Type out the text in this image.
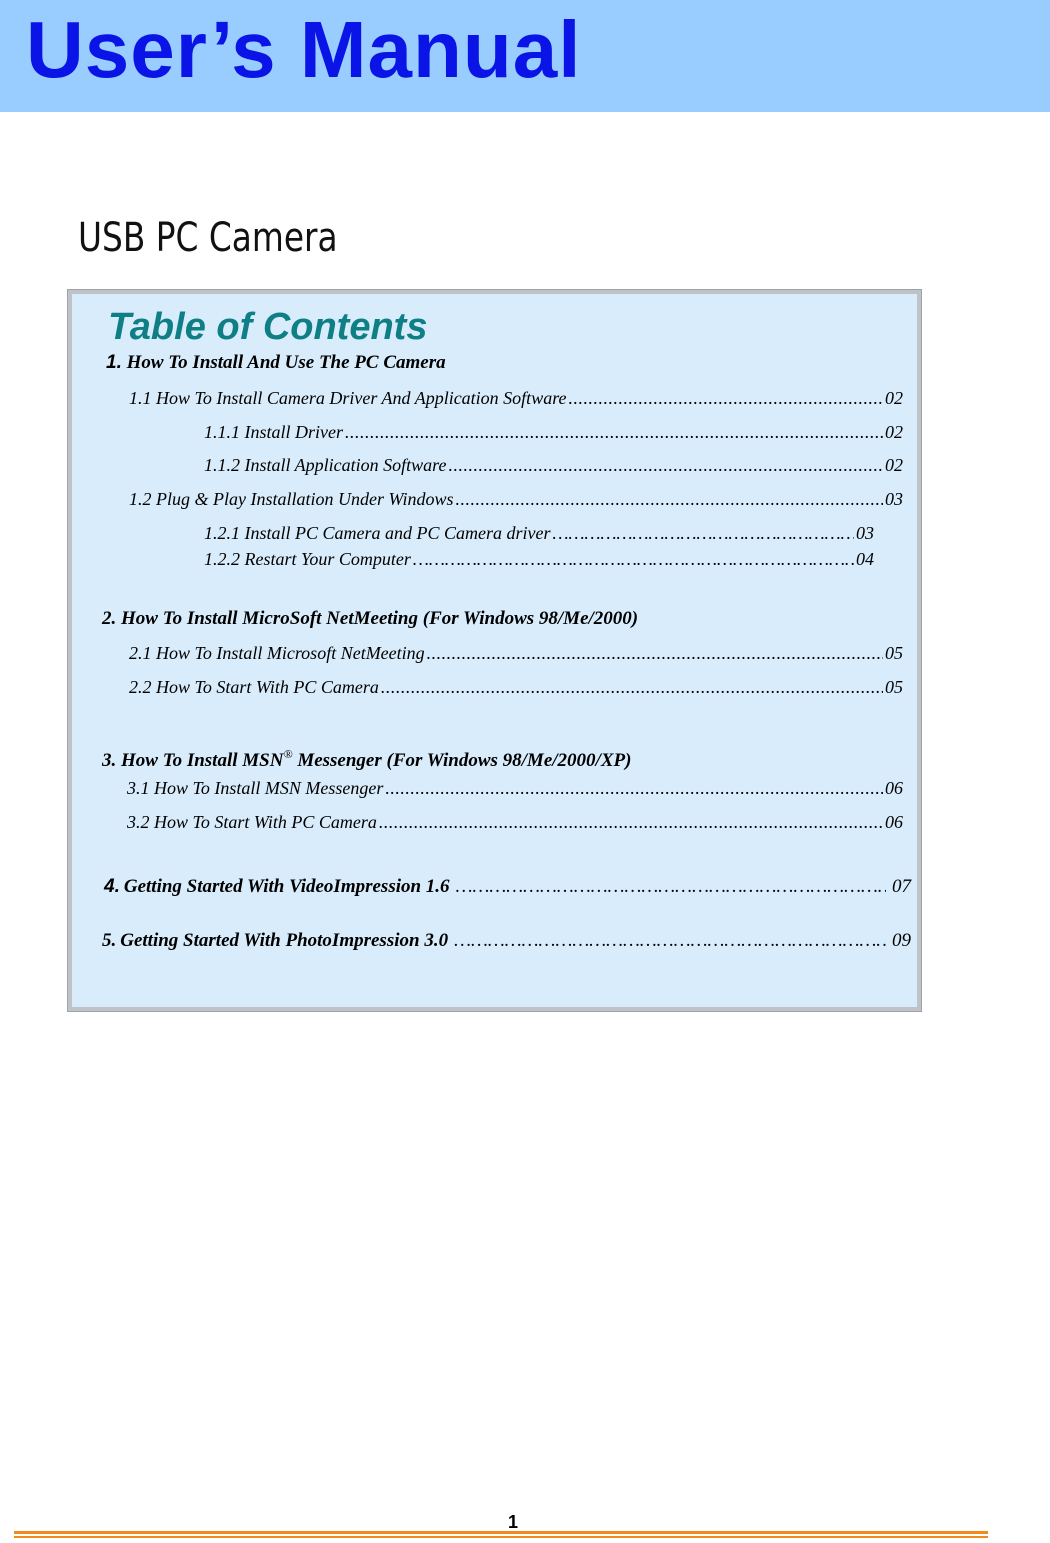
User’s Manual
USB PC Camera
Table of Contents
1. How To Install And Use The PC Camera
1.1 How To Install Camera Driver And Application Software . . .	02
1.1.1 Install Driver . . .	02
1.1.2 Install Application Software . . .	02
1.2 Plug & Play Installation Under Windows . . .	03
1.2.1 Install PC Camera and PC Camera driver …………………………………………………………………………………………………………………………	03
1.2.2 Restart Your Computer …………………………………………………………………………………………………………………………	04
2. How To Install MicroSoft NetMeeting (For Windows 98/Me/2000)
2.1 How To Install Microsoft NetMeeting . . .	05
2.2 How To Start With PC Camera . . .	05
3. How To Install MSN® Messenger (For Windows 98/Me/2000/XP)
3.1 How To Install MSN Messenger . . .	06
3.2 How To Start With PC Camera . . .	06
4. Getting Started With VideoImpression 1.6 …………………………………………………………………………………………………………………………	07
5. Getting Started With PhotoImpression 3.0 …………………………………………………………………………………………………………………………	09
1
